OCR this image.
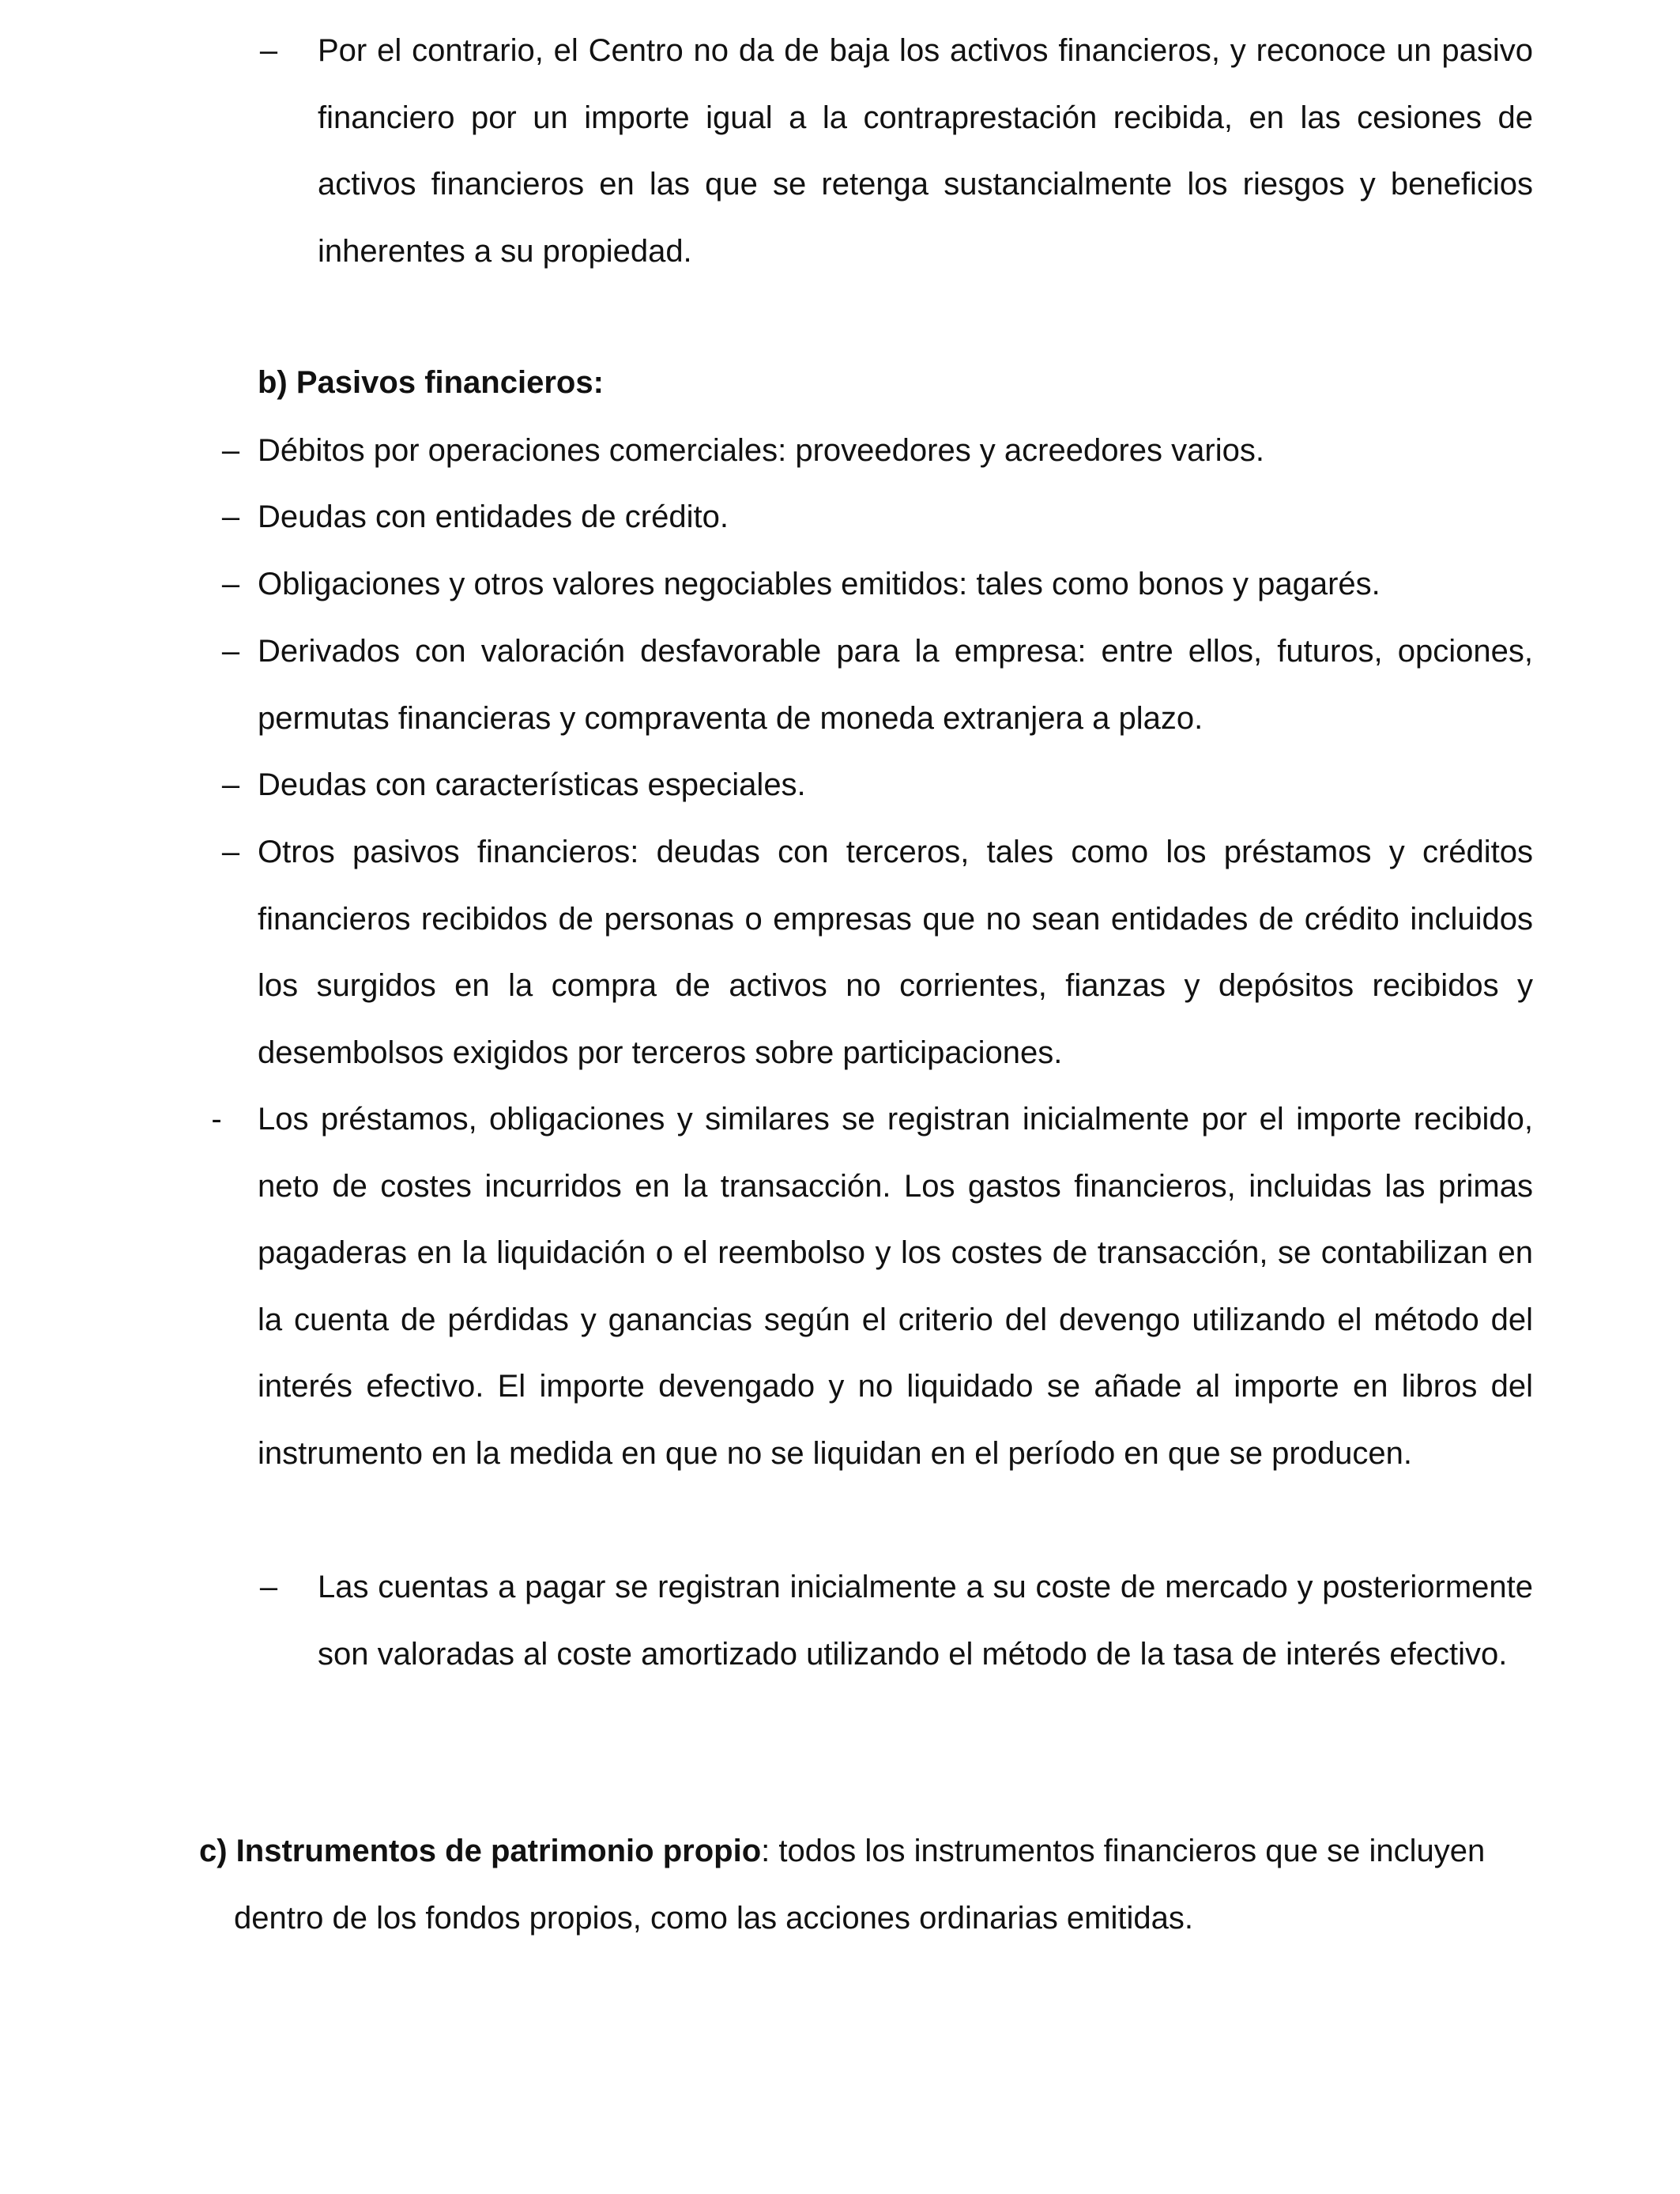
– Por el contrario, el Centro no da de baja los activos financieros, y reconoce un pasivo financiero por un importe igual a la contraprestación recibida, en las cesiones de activos financieros en las que se retenga sustancialmente los riesgos y beneficios inherentes a su propiedad.

b) Pasivos financieros:
– Débitos por operaciones comerciales: proveedores y acreedores varios.

– Deudas con entidades de crédito.

– Obligaciones y otros valores negociables emitidos: tales como bonos y pagarés.

– Derivados con valoración desfavorable para la empresa: entre ellos, futuros, opciones, permutas financieras y compraventa de moneda extranjera a plazo.

– Deudas con características especiales.

– Otros pasivos financieros: deudas con terceros, tales como los préstamos y créditos financieros recibidos de personas o empresas que no sean entidades de crédito incluidos los surgidos en la compra de activos no corrientes, fianzas y depósitos recibidos y desembolsos exigidos por terceros sobre participaciones.

-	Los préstamos, obligaciones y similares se registran inicialmente por el importe recibido, neto de costes incurridos en la transacción. Los gastos financieros, incluidas las primas pagaderas en la liquidación o el reembolso y los costes de transacción, se contabilizan en la cuenta de pérdidas y ganancias según el criterio del devengo utilizando el método del interés efectivo. El importe devengado y no liquidado se añade al importe en libros del instrumento en la medida en que no se liquidan en el período en que se producen.

– Las cuentas a pagar se registran inicialmente a su coste de mercado y posteriormente son valoradas al coste amortizado utilizando el método de la tasa de interés efectivo.

c) Instrumentos de patrimonio propio: todos los instrumentos financieros que se incluyen dentro de los fondos propios, como las acciones ordinarias emitidas.
